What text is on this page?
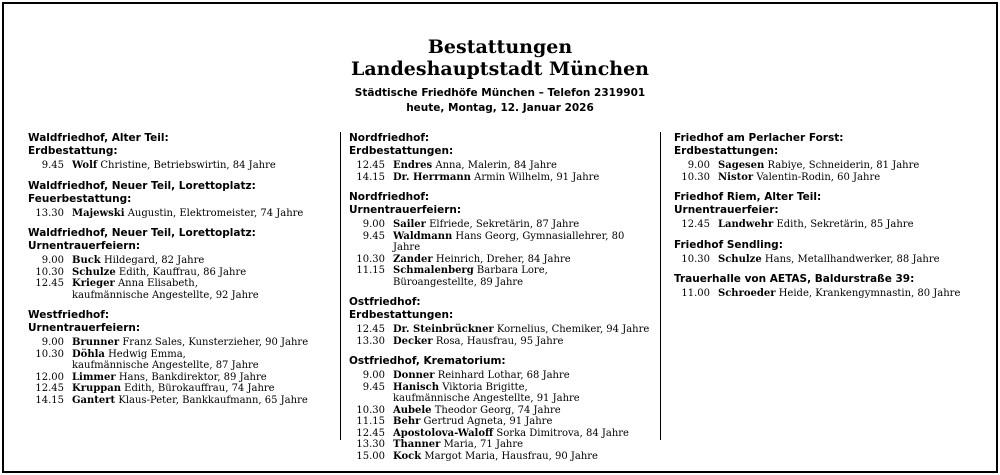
Bestattungen
Landeshauptstadt München
Städtische Friedhöfe München – Telefon 2319901
heute, Montag, 12. Januar 2026
Waldfriedhof, Alter Teil:
Erdbestattung:
9.45 Wolf Christine, Betriebswirtin, 84 Jahre
Waldfriedhof, Neuer Teil, Lorettoplatz:
Feuerbestattung:
13.30 Majewski Augustin, Elektromeister, 74 Jahre
Waldfriedhof, Neuer Teil, Lorettoplatz:
Urnentrauerfeiern:
9.00 Buck Hildegard, 82 Jahre
10.30 Schulze Edith, Kauffrau, 86 Jahre
12.45 Krieger Anna Elisabeth,
kaufmännische Angestellte, 92 Jahre
Westfriedhof:
Urnentrauerfeiern:
9.00 Brunner Franz Sales, Kunsterzieher, 90 Jahre
10.30 Döhla Hedwig Emma,
kaufmännische Angestellte, 87 Jahre
12.00 Limmer Hans, Bankdirektor, 89 Jahre
12.45 Kruppan Edith, Bürokauffrau, 74 Jahre
14.15 Gantert Klaus-Peter, Bankkaufmann, 65 Jahre
Nordfriedhof:
Erdbestattungen:
12.45 Endres Anna, Malerin, 84 Jahre
14.15 Dr. Herrmann Armin Wilhelm, 91 Jahre
Nordfriedhof:
Urnentrauerfeiern:
9.00 Sailer Elfriede, Sekretärin, 87 Jahre
9.45 Waldmann Hans Georg, Gymnasiallehrer, 80 Jahre
10.30 Zander Heinrich, Dreher, 84 Jahre
11.15 Schmalenberg Barbara Lore,
Büroangestellte, 89 Jahre
Ostfriedhof:
Erdbestattungen:
12.45 Dr. Steinbrückner Kornelius, Chemiker, 94 Jahre
13.30 Decker Rosa, Hausfrau, 95 Jahre
Ostfriedhof, Krematorium:
9.00 Donner Reinhard Lothar, 68 Jahre
9.45 Hanisch Viktoria Brigitte,
kaufmännische Angestellte, 91 Jahre
10.30 Aubele Theodor Georg, 74 Jahre
11.15 Behr Gertrud Agneta, 91 Jahre
12.45 Apostolova-Waloff Sorka Dimitrova, 84 Jahre
13.30 Thanner Maria, 71 Jahre
15.00 Kock Margot Maria, Hausfrau, 90 Jahre
Friedhof am Perlacher Forst:
Erdbestattungen:
9.00 Sagesen Rabiye, Schneiderin, 81 Jahre
10.30 Nistor Valentin-Rodin, 60 Jahre
Friedhof Riem, Alter Teil:
Urnentrauerfeier:
12.45 Landwehr Edith, Sekretärin, 85 Jahre
Friedhof Sendling:
10.30 Schulze Hans, Metallhandwerker, 88 Jahre
Trauerhalle von AETAS, Baldurstraße 39:
11.00 Schroeder Heide, Krankengymnastin, 80 Jahre
